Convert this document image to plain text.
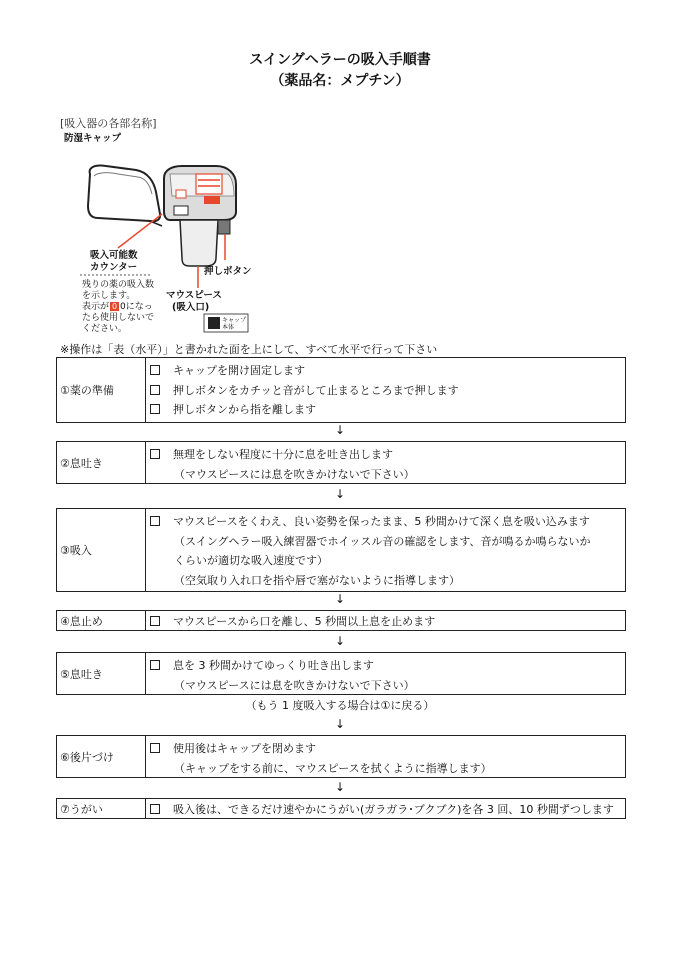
スイングヘラーの吸入手順書
（薬品名：メプチン）
[吸入器の各部名称]
防湿キャップ
吸入可能数
カウンター
残りの薬の吸入数
を示します。
表示が 0 0になっ
たら使用しないで
ください。
マウスピース
(吸入口)
押しボタン
キャップ
本体
※操作は「表（水平）」と書かれた面を上にして、すべて水平で行って下さい
①薬の準備
キャップを開け固定します
押しボタンをカチッと音がして止まるところまで押します
押しボタンから指を離します
②息吐き
無理をしない程度に十分に息を吐き出します
（マウスピースには息を吹きかけないで下さい）
③吸入
マウスピースをくわえ、良い姿勢を保ったまま、5 秒間かけて深く息を吸い込みます
（スイングヘラー吸入練習器でホイッスル音の確認をします、音が鳴るか鳴らないか
くらいが適切な吸入速度です）
（空気取り入れ口を指や唇で塞がないように指導します）
④息止め	マウスピースから口を離し、5 秒間以上息を止めます
⑤息吐き
息を 3 秒間かけてゆっくり吐き出します
（マウスピースには息を吹きかけないで下さい）
⑥後片づけ
使用後はキャップを閉めます
（キャップをする前に、マウスピースを拭くように指導します）
⑦うがい	吸入後は、できるだけ速やかにうがい(ガラガラ･ブクブク)を各 3 回、10 秒間ずつします
↓
↓
↓
↓
↓
↓
（もう 1 度吸入する場合は①に戻る）
